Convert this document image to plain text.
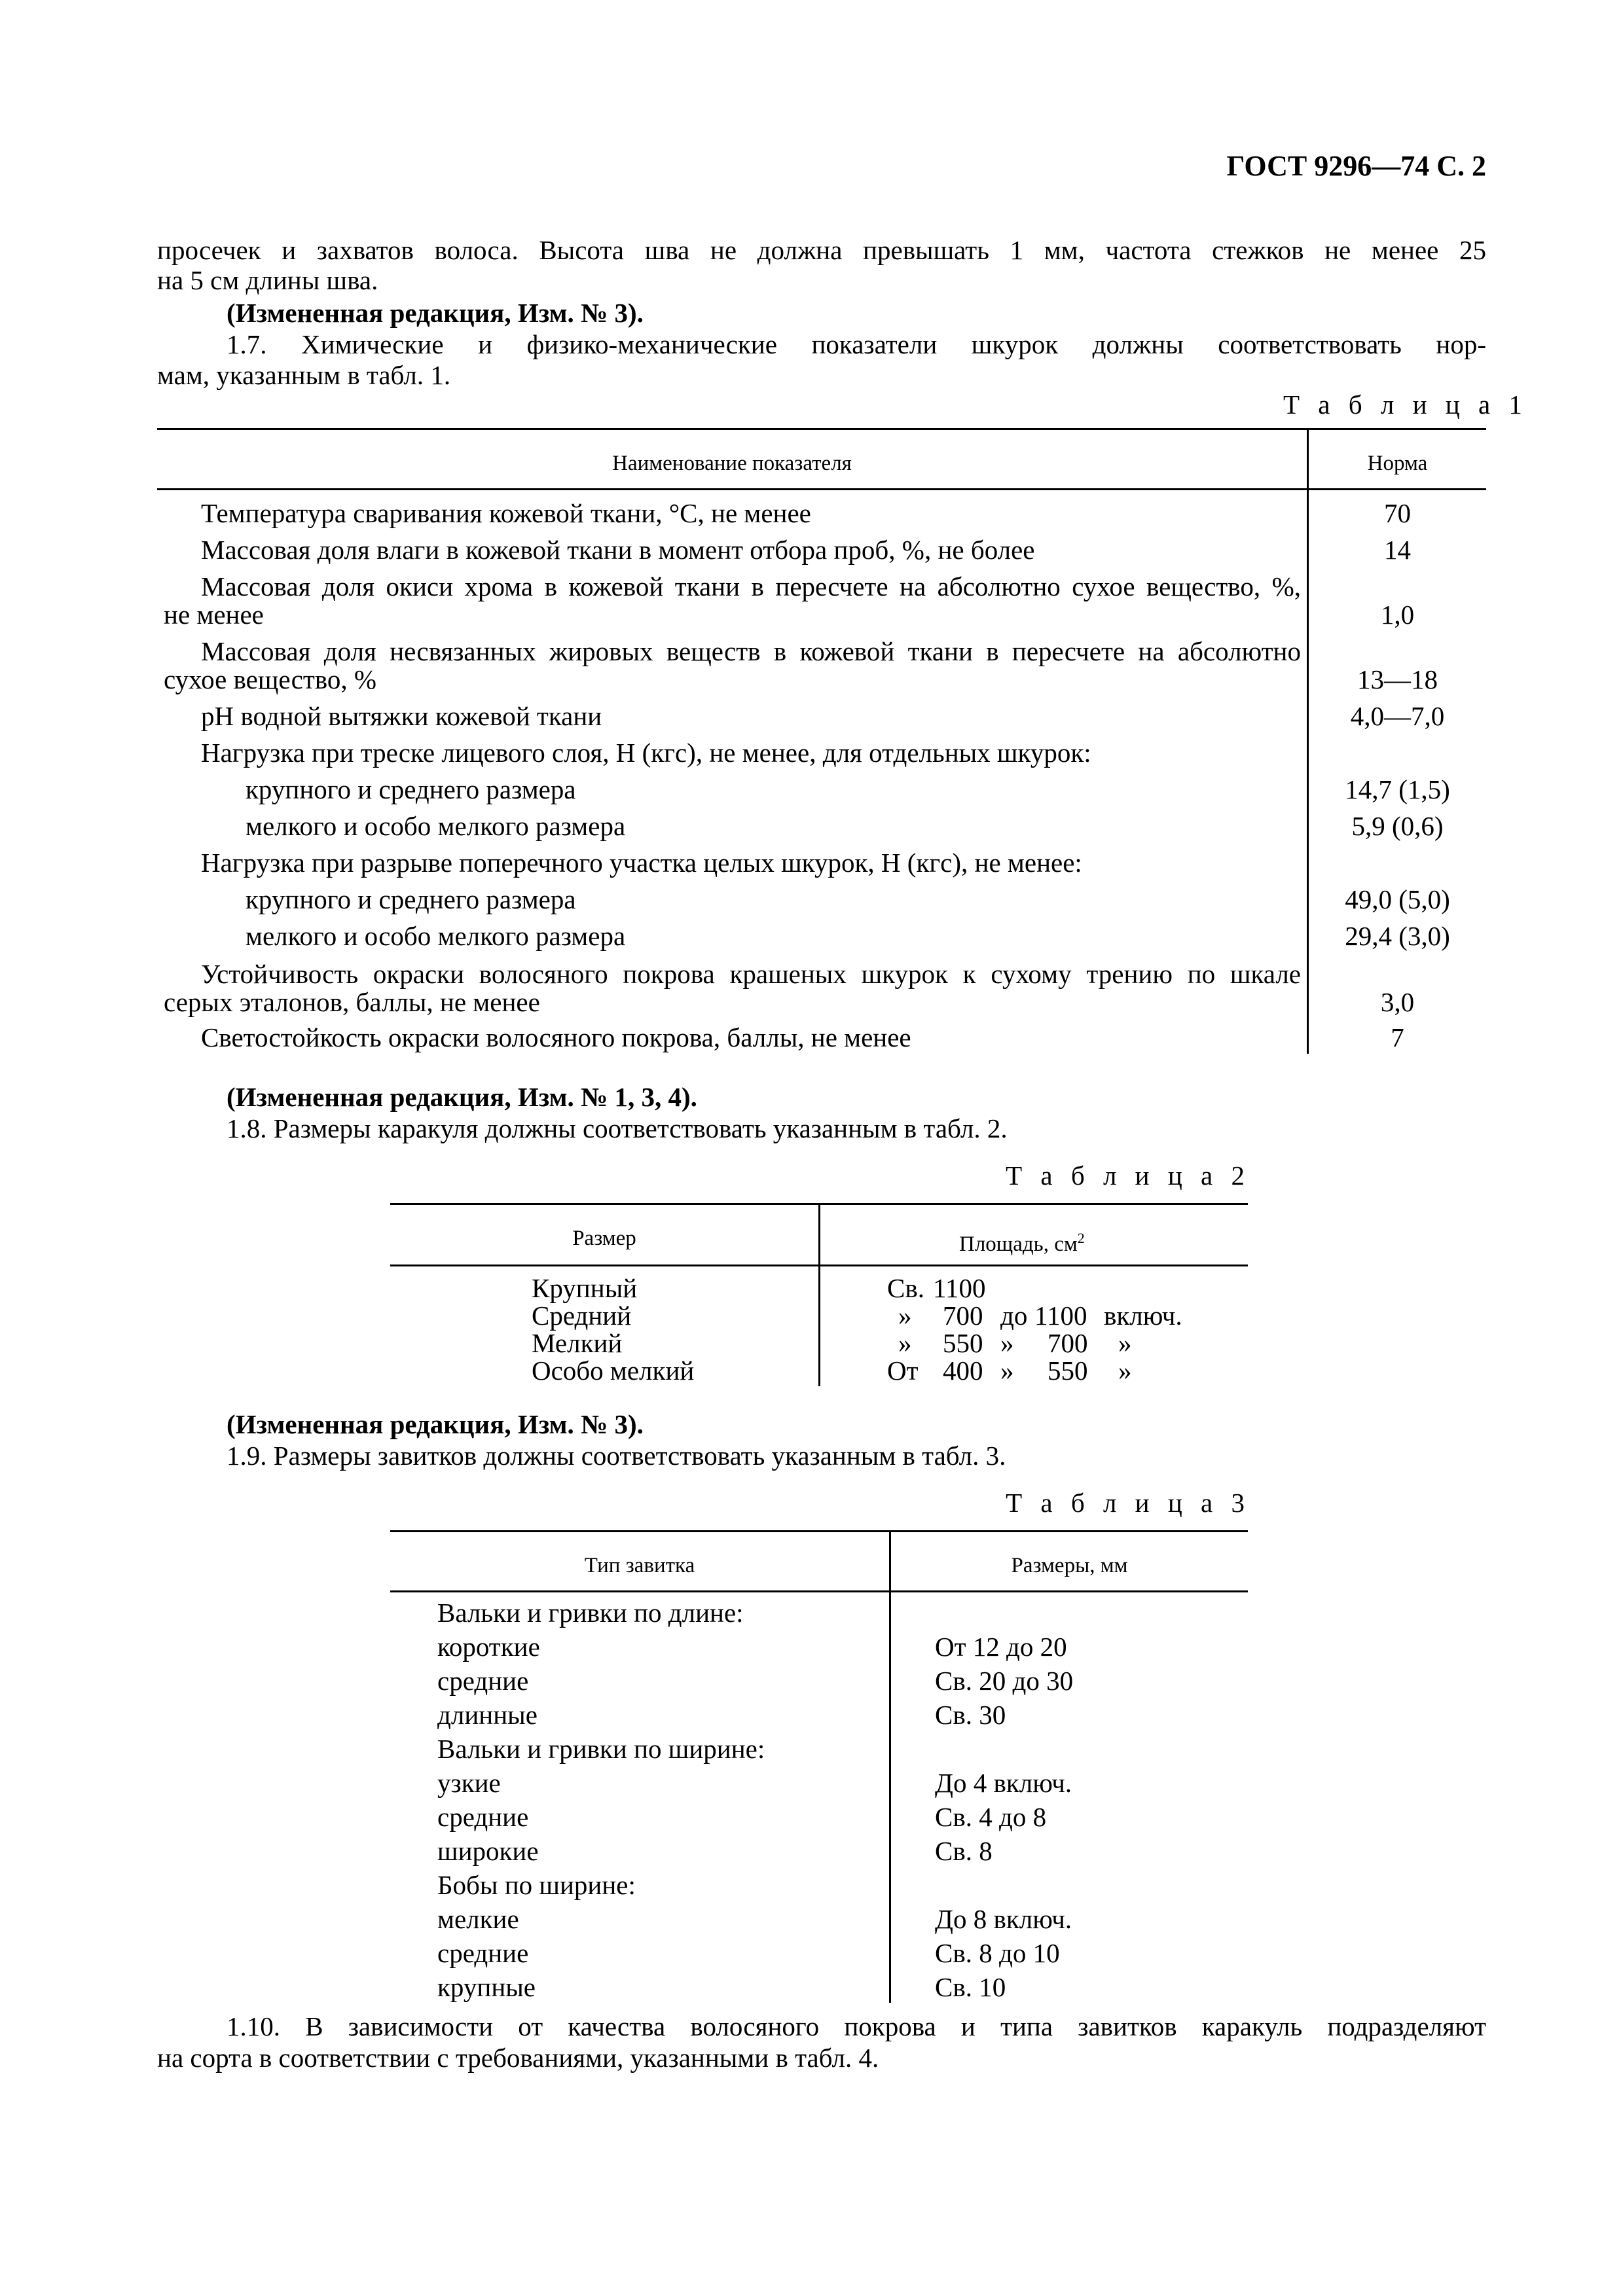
ГОСТ 9296—74 С. 2
просечек и захватов волоса. Высота шва не должна превышать 1 мм, частота стежков не менее 25
на 5 см длины шва.
(Измененная редакция, Изм. № 3).
1.7. Химические и физико-механические показатели шкурок должны соответствовать нор-
мам, указанным в табл. 1.
Т а б л и ц а 1
Наименование показателя	Норма
Температура сваривания кожевой ткани, °С, не менее	70
Массовая доля влаги в кожевой ткани в момент отбора проб, %, не более	14
Массовая доля окиси хрома в кожевой ткани в пересчете на абсолютно сухое вещество, %,
не менее	1,0
Массовая доля несвязанных жировых веществ в кожевой ткани в пересчете на абсолютно
сухое вещество, %	13—18
pH водной вытяжки кожевой ткани	4,0—7,0
Нагрузка при треске лицевого слоя, Н (кгс), не менее, для отдельных шкурок:
крупного и среднего размера	14,7 (1,5)
мелкого и особо мелкого размера	5,9 (0,6)
Нагрузка при разрыве поперечного участка целых шкурок, Н (кгс), не менее:
крупного и среднего размера	49,0 (5,0)
мелкого и особо мелкого размера	29,4 (3,0)
Устойчивость окраски волосяного покрова крашеных шкурок к сухому трению по шкале
серых эталонов, баллы, не менее	3,0
Светостойкость окраски волосяного покрова, баллы, не менее	7
(Измененная редакция, Изм. № 1, 3, 4).
1.8. Размеры каракуля должны соответствовать указанным в табл. 2.
Т а б л и ц а 2
Размер	Площадь, $см^2$
Крупный	Св. 1100
Средний	» 700 до 1100 включ.
Мелкий	» 550 » 700 »
Особо мелкий	От 400 » 550 »
(Измененная редакция, Изм. № 3).
1.9. Размеры завитков должны соответствовать указанным в табл. 3.
Т а б л и ц а 3
Тип завитка	Размеры, мм
Вальки и гривки по длине:
короткие	От 12 до 20
средние	Св. 20 до 30
длинные	Св. 30
Вальки и гривки по ширине:
узкие	До 4 включ.
средние	Св. 4 до 8
широкие	Св. 8
Бобы по ширине:
мелкие	До 8 включ.
средние	Св. 8 до 10
крупные	Св. 10
1.10. В зависимости от качества волосяного покрова и типа завитков каракуль подразделяют
на сорта в соответствии с требованиями, указанными в табл. 4.
